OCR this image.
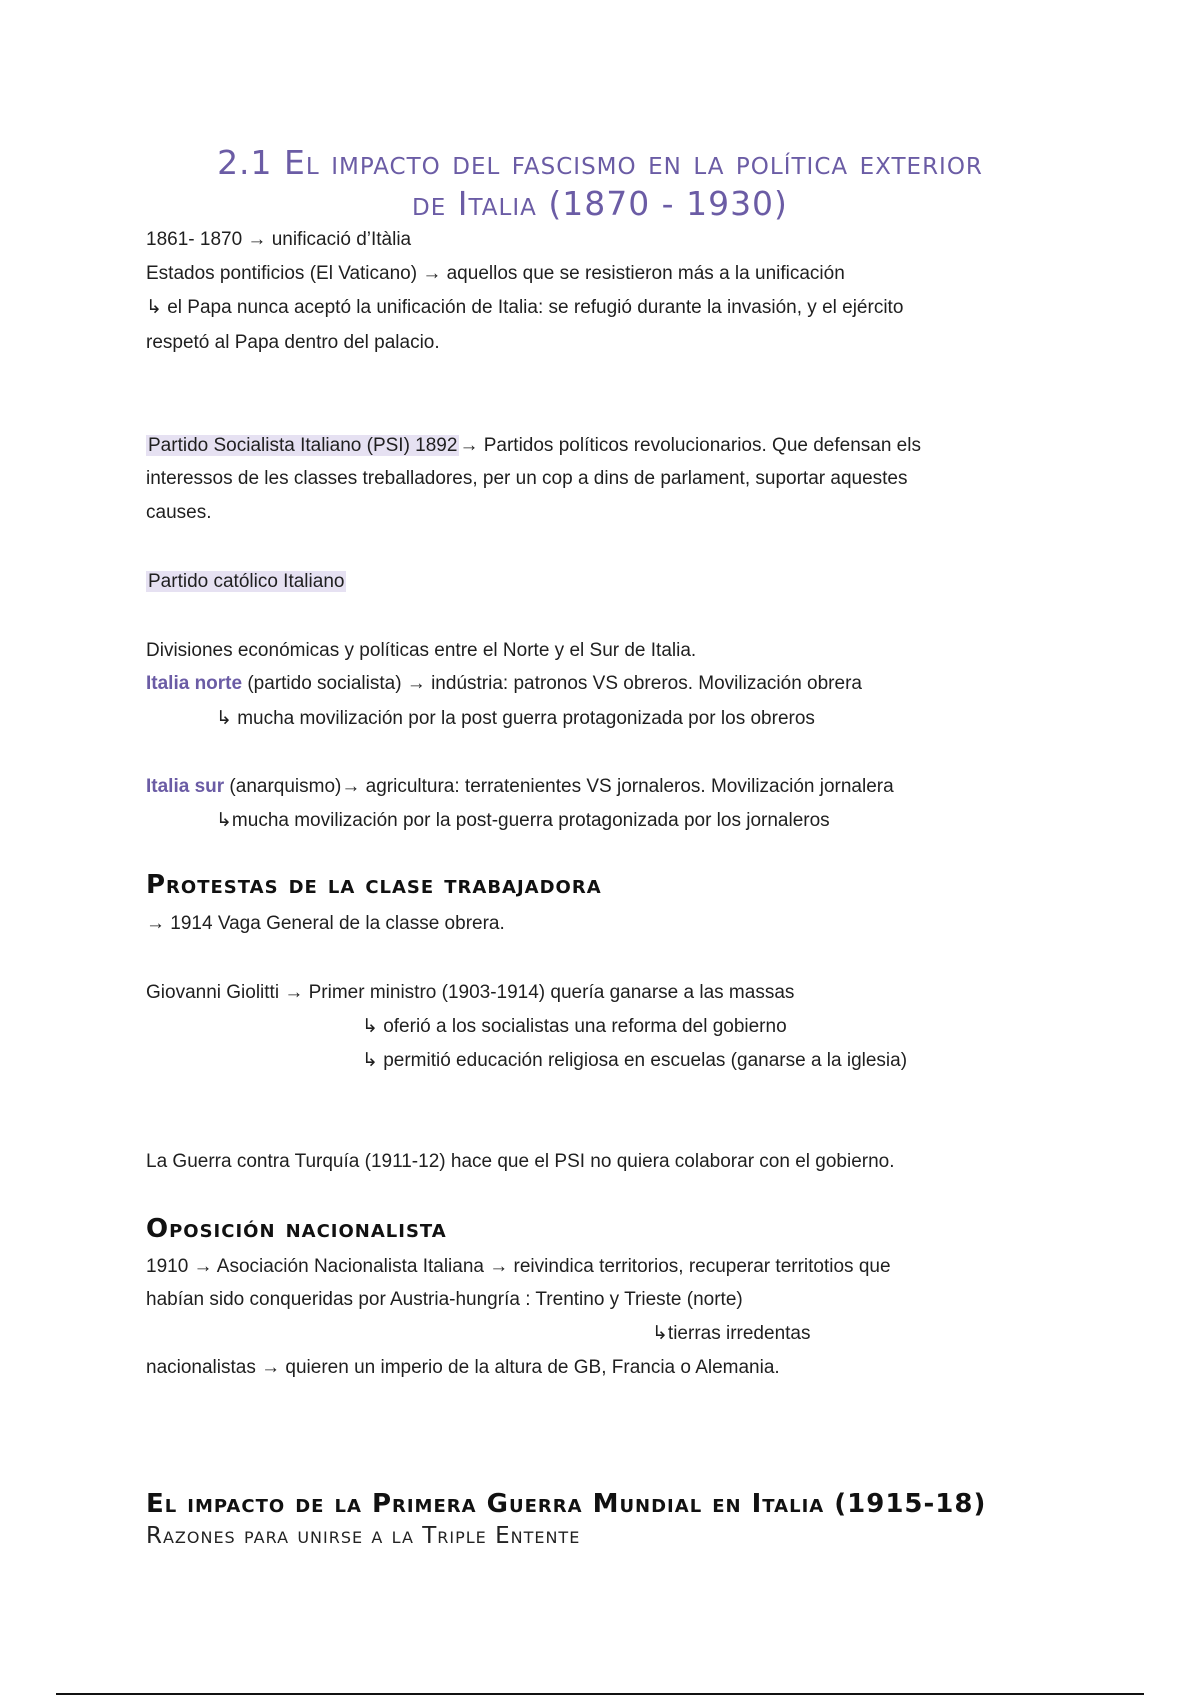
2.1 El impacto del fascismo en la política exterior
de Italia (1870 - 1930)
1861- 1870 → unificació d’Itàlia
Estados pontificios (El Vaticano) → aquellos que se resistieron más a la unificación
↳ el Papa nunca aceptó la unificación de Italia: se refugió durante la invasión, y el ejército
respetó al Papa dentro del palacio.
Partido Socialista Italiano (PSI) 1892 → Partidos políticos revolucionarios. Que defensan els
interessos de les classes treballadores, per un cop a dins de parlament, suportar aquestes
causes.
Partido católico Italiano
Divisiones económicas y políticas entre el Norte y el Sur de Italia.
Italia norte (partido socialista) → indústria: patronos VS obreros. Movilización obrera
↳ mucha movilización por la post guerra protagonizada por los obreros
Italia sur (anarquismo)→ agricultura: terratenientes VS jornaleros. Movilización jornalera
↳mucha movilización por la post-guerra protagonizada por los jornaleros
Protestas de la clase trabajadora
→ 1914 Vaga General de la classe obrera.
Giovanni Giolitti → Primer ministro (1903-1914) quería ganarse a las massas
↳ oferió a los socialistas una reforma del gobierno
↳ permitió educación religiosa en escuelas (ganarse a la iglesia)
La Guerra contra Turquía (1911-12) hace que el PSI no quiera colaborar con el gobierno.
Oposición nacionalista
1910 → Asociación Nacionalista Italiana → reivindica territorios, recuperar territotios que
habían sido conqueridas por Austria-hungría : Trentino y Trieste (norte)
↳tierras irredentas
nacionalistas → quieren un imperio de la altura de GB, Francia o Alemania.
El impacto de la Primera Guerra Mundial en Italia (1915-18)
Razones para unirse a la Triple Entente
